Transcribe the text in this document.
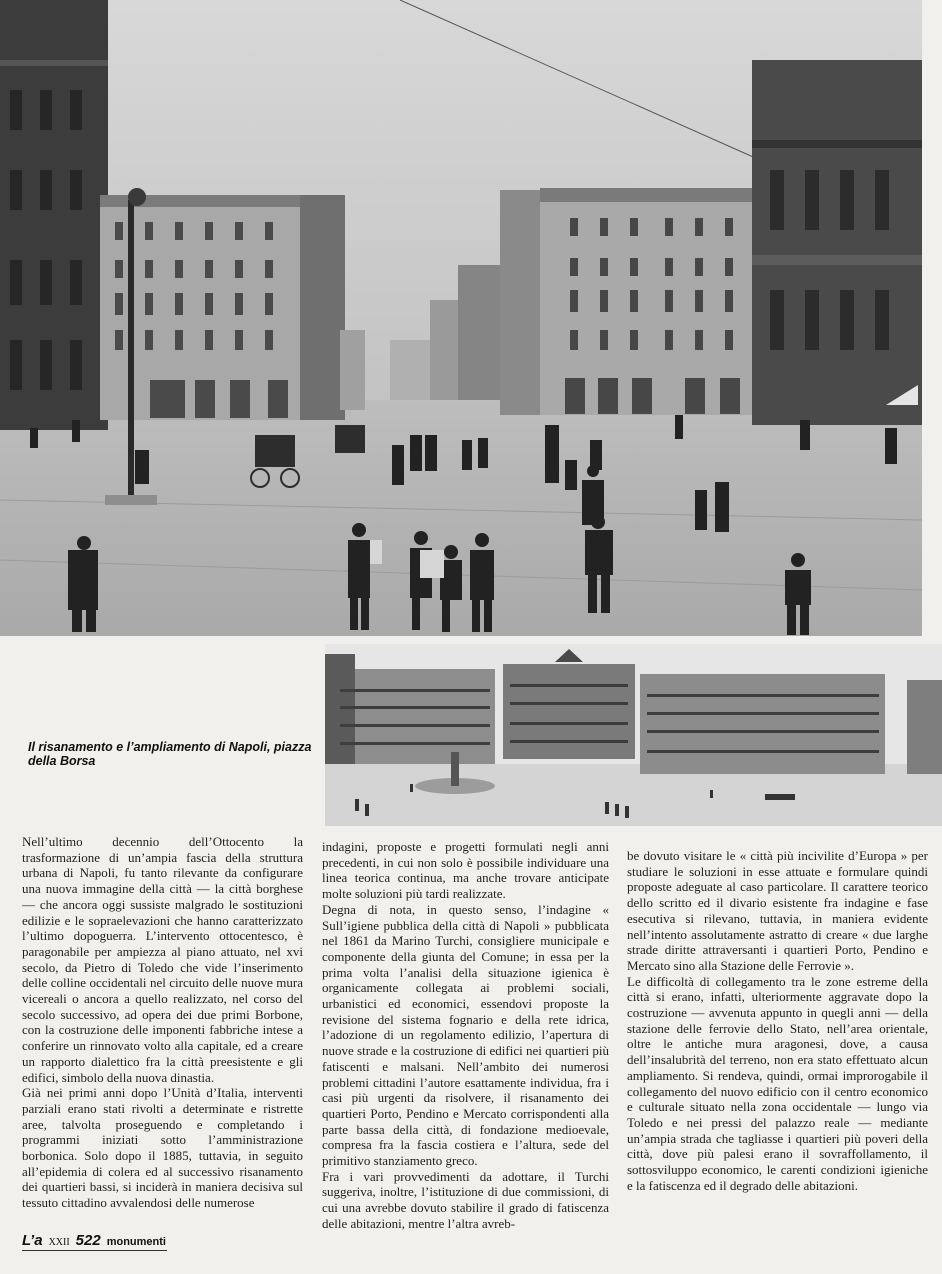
Il risanamento e l’ampliamento di Napoli, piazza della Borsa
Nell’ultimo decennio dell’Ottocento la trasformazione di un’ampia fascia della struttura urbana di Napoli, fu tanto rilevante da configurare una nuova immagine della città — la città borghese — che ancora oggi sussiste malgrado le sostituzioni edilizie e le sopraelevazioni che hanno caratterizzato l’ultimo dopoguerra. L’intervento ottocentesco, è paragonabile per ampiezza al piano attuato, nel xvi secolo, da Pietro di Toledo che vide l’inserimento delle colline occidentali nel circuito delle nuove mura vicereali o ancora a quello realizzato, nel corso del secolo successivo, ad opera dei due primi Borbone, con la costruzione delle imponenti fabbriche intese a conferire un rinnovato volto alla capitale, ed a creare un rapporto dialettico fra la città preesistente e gli edifici, simbolo della nuova dinastia.
Già nei primi anni dopo l’Unità d’Italia, interventi parziali erano stati rivolti a determinate e ristrette aree, talvolta proseguendo e completando i programmi iniziati sotto l’amministrazione borbonica. Solo dopo il 1885, tuttavia, in seguito all’epidemia di colera ed al successivo risanamento dei quartieri bassi, si inciderà in maniera decisiva sul tessuto cittadino avvalendosi delle numerose
indagini, proposte e progetti formulati negli anni precedenti, in cui non solo è possibile individuare una linea teorica continua, ma anche trovare anticipate molte soluzioni più tardi realizzate.
Degna di nota, in questo senso, l’indagine « Sull’igiene pubblica della città di Napoli » pubblicata nel 1861 da Marino Turchi, consigliere municipale e componente della giunta del Comune; in essa per la prima volta l’analisi della situazione igienica è organicamente collegata ai problemi sociali, urbanistici ed economici, essendovi proposte la revisione del sistema fognario e della rete idrica, l’adozione di un regolamento edilizio, l’apertura di nuove strade e la costruzione di edifici nei quartieri più fatiscenti e malsani. Nell’ambito dei numerosi problemi cittadini l’autore esattamente individua, fra i casi più urgenti da risolvere, il risanamento dei quartieri Porto, Pendino e Mercato corrispondenti alla parte bassa della città, di fondazione medioevale, compresa fra la fascia costiera e l’altura, sede del primitivo stanziamento greco.
Fra i vari provvedimenti da adottare, il Turchi suggeriva, inoltre, l’istituzione di due commissioni, di cui una avrebbe dovuto stabilire il grado di fatiscenza delle abitazioni, mentre l’altra avreb-
be dovuto visitare le « città più incivilite d’Europa » per studiare le soluzioni in esse attuate e formulare quindi proposte adeguate al caso particolare. Il carattere teorico dello scritto ed il divario esistente fra indagine e fase esecutiva si rilevano, tuttavia, in maniera evidente nell’intento assolutamente astratto di creare « due larghe strade diritte attraversanti i quartieri Porto, Pendino e Mercato sino alla Stazione delle Ferrovie ».
Le difficoltà di collegamento tra le zone estreme della città si erano, infatti, ulteriormente aggravate dopo la costruzione — avvenuta appunto in quegli anni — della stazione delle ferrovie dello Stato, nell’area orientale, oltre le antiche mura aragonesi, dove, a causa dell’insalubrità del terreno, non era stato effettuato alcun ampliamento. Si rendeva, quindi, ormai improrogabile il collegamento del nuovo edificio con il centro economico e culturale situato nella zona occidentale — lungo via Toledo e nei pressi del palazzo reale — mediante un’ampia strada che tagliasse i quartieri più poveri della città, dove più palesi erano il sovraffollamento, il sottosviluppo economico, le carenti condizioni igieniche e la fatiscenza ed il degrado delle abitazioni.
L’a XXII 522 monumenti
